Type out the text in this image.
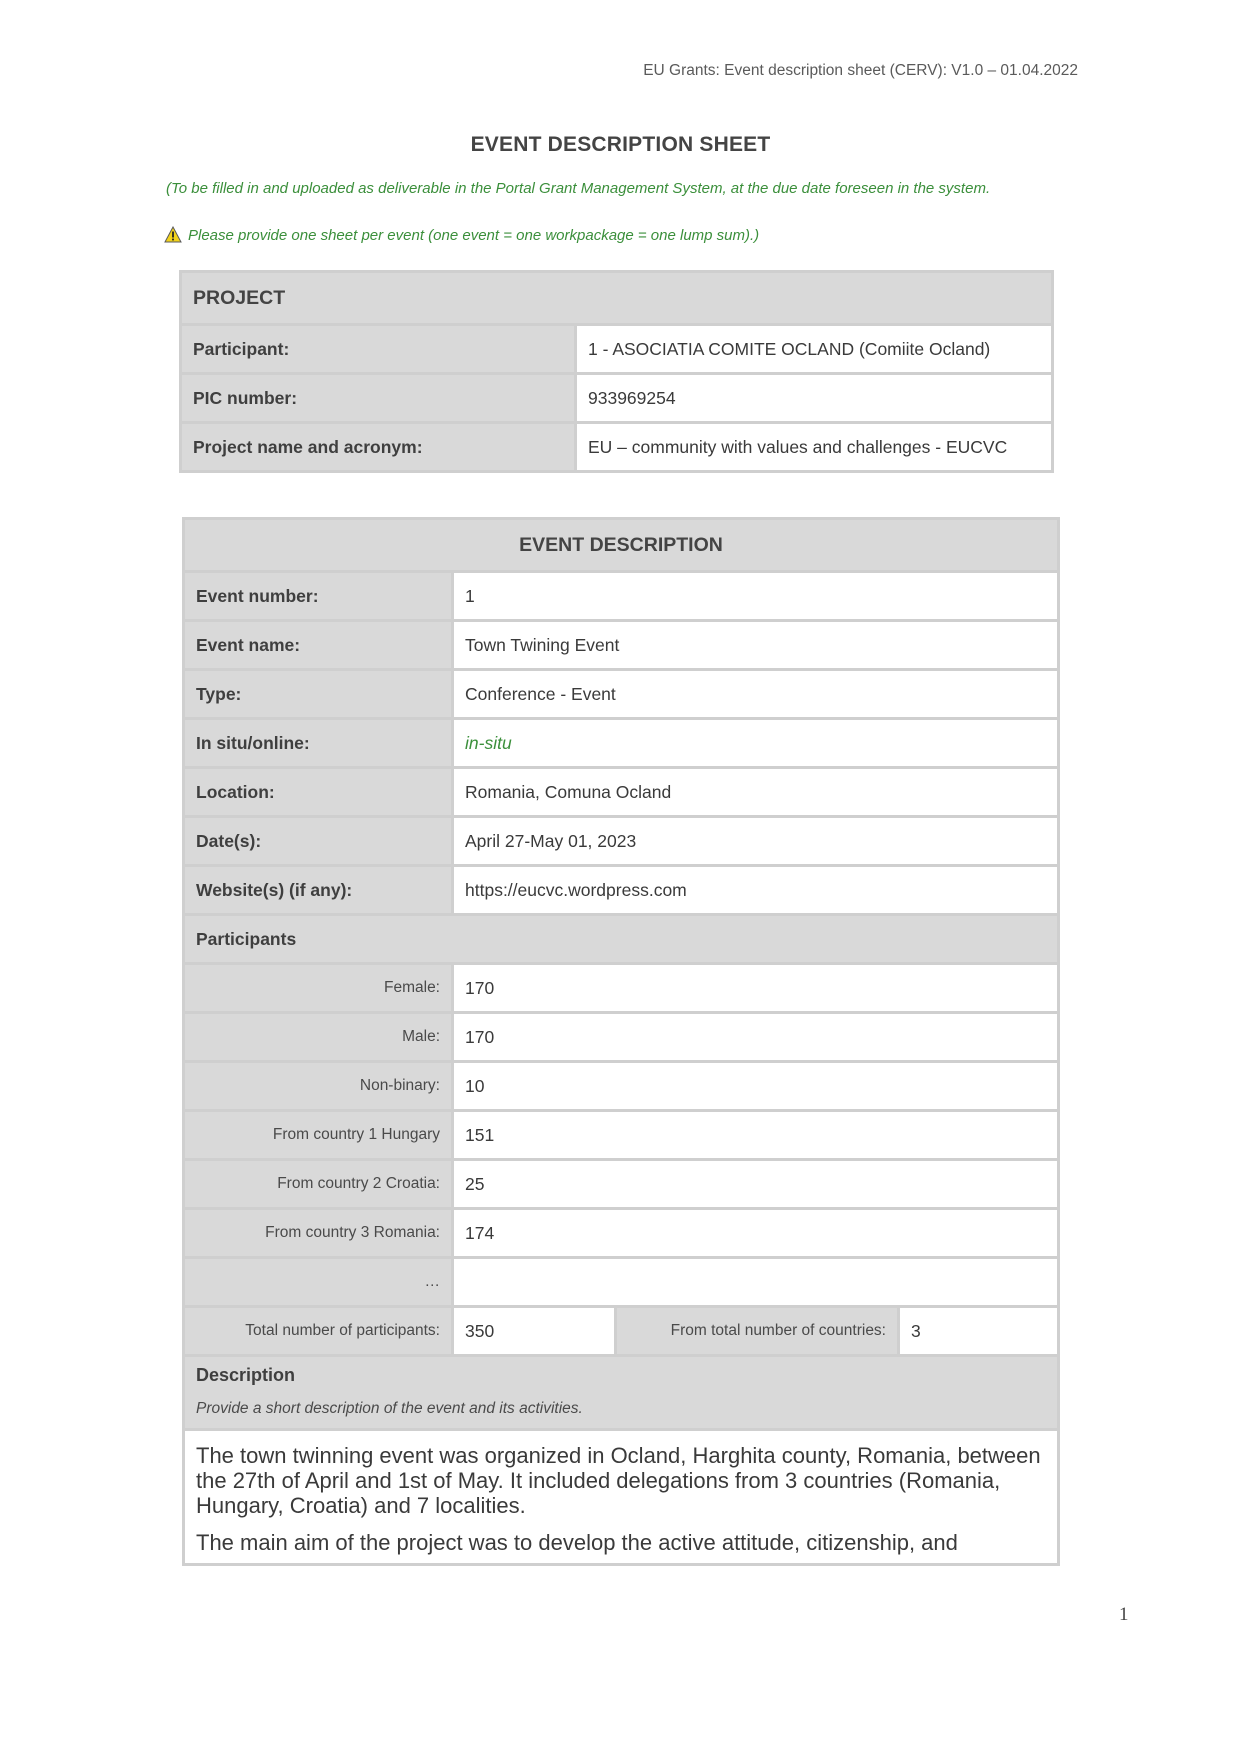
EU Grants: Event description sheet (CERV): V1.0 – 01.04.2022
EVENT DESCRIPTION SHEET
(To be filled in and uploaded as deliverable in the Portal Grant Management System, at the due date foreseen in the system.
Please provide one sheet per event (one event = one workpackage = one lump sum).)
PROJECT	
Participant:	1 - ASOCIATIA COMITE OCLAND (Comiite Ocland)
PIC number:	933969254
Project name and acronym:	EU – community with values and challenges - EUCVC
EVENT DESCRIPTION			
Event number:	1		
Event name:	Town Twining Event		
Type:	Conference - Event		
In situ/online:	in-situ		
Location:	Romania, Comuna Ocland		
Date(s):	April 27-May 01, 2023		
Website(s) (if any):	https://eucvc.wordpress.com		
Participants			
Female:	170		
Male:	170		
Non-binary:	10		
From country 1 Hungary	151		
From country 2 Croatia:	25		
From country 3 Romania:	174		
…			
Total number of participants:	350	From total number of countries:	3

Description
Provide a short description of the event and its activities.			

The town twinning event was organized in Ocland, Harghita county, Romania, between the 27th of April and 1st of May. It included delegations from 3 countries (Romania, Hungary, Croatia) and 7 localities.

The main aim of the project was to develop the active attitude, citizenship, and			

1
